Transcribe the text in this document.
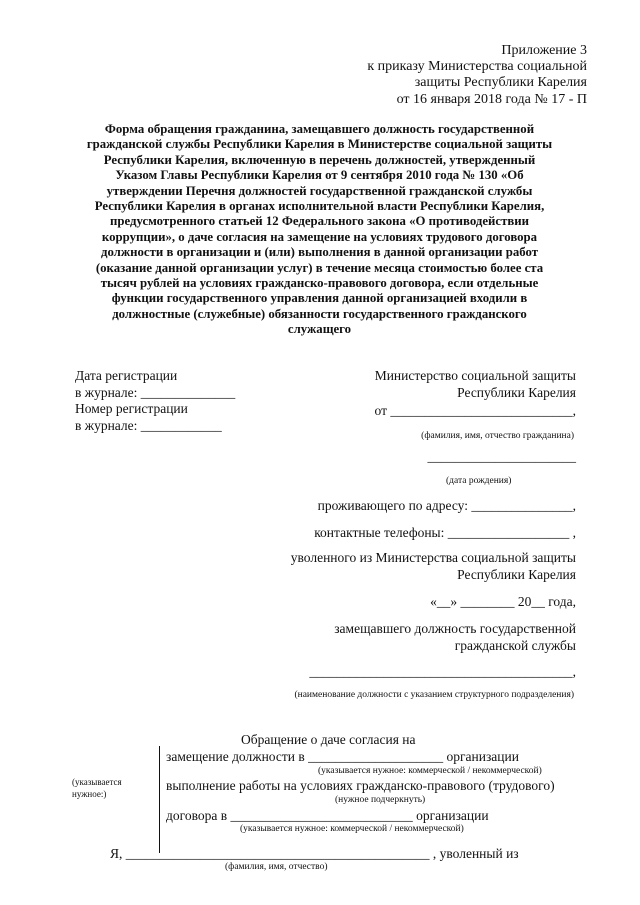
Приложение 3
к приказу Министерства социальной
защиты Республики Карелия
от 16 января 2018 года № 17 - П
Форма обращения гражданина, замещавшего должность государственной
гражданской службы Республики Карелия в Министерстве социальной защиты
Республики Карелия, включенную в перечень должностей, утвержденный
Указом Главы Республики Карелия от 9 сентября 2010 года № 130 «Об
утверждении Перечня должностей государственной гражданской службы
Республики Карелия в органах исполнительной власти Республики Карелия,
предусмотренного статьей 12 Федерального закона «О противодействии
коррупции», о даче согласия на замещение на условиях трудового договора
должности в организации и (или) выполнения в данной организации работ
(оказание данной организации услуг) в течение месяца стоимостью более ста
тысяч рублей на условиях гражданско-правового договора, если отдельные
функции государственного управления данной организацией входили в
должностные (служебные) обязанности государственного гражданского
служащего
Дата регистрации
в журнале: ______________
Номер регистрации
в журнале: ____________
Министерство социальной защиты
Республики Карелия
от ___________________________,
(фамилия, имя, отчество гражданина)
______________________
(дата рождения)
проживающего по адресу: _______________,
контактные телефоны: __________________ ,
уволенного из Министерства социальной защиты
Республики Карелия
«__» ________ 20__ года,
замещавшего должность государственной
гражданской службы
_______________________________________,
(наименование должности с указанием структурного подразделения)
Обращение о даче согласия на
(указывается
нужное:)
замещение должности в ____________________ организации
(указывается нужное: коммерческой / некоммерческой)
выполнение работы на условиях гражданско-правового (трудового)
(нужное подчеркнуть)
договора в ___________________________ организации
(указывается нужное: коммерческой / некоммерческой)
Я, _____________________________________________ , уволенный из
(фамилия, имя, отчество)
